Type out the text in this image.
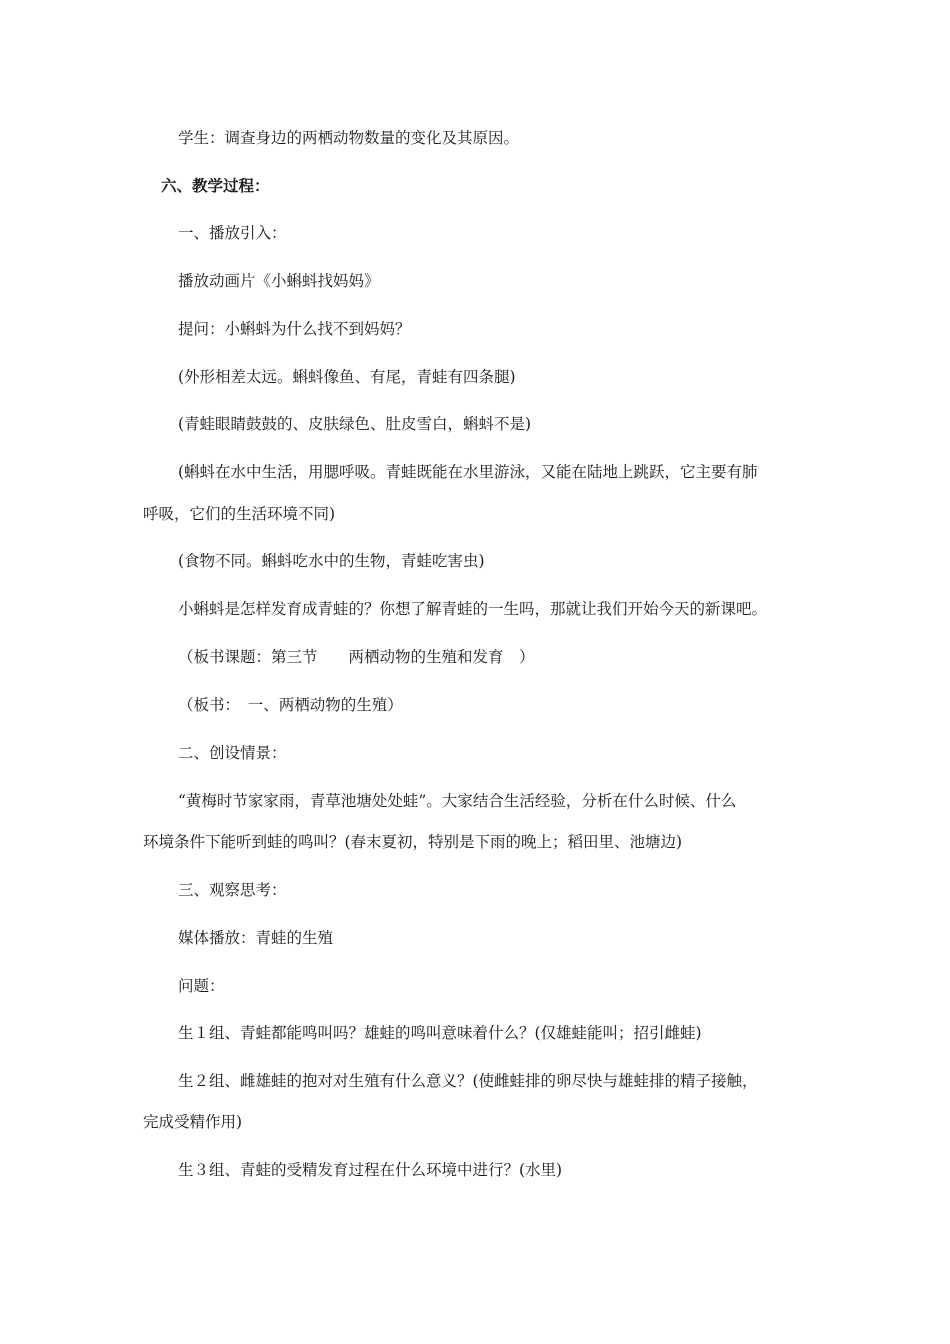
学生：调查身边的两栖动物数量的变化及其原因。
六、教学过程：
一、播放引入：
播放动画片《小蝌蚪找妈妈》
提问：小蝌蚪为什么找不到妈妈？
(外形相差太远。蝌蚪像鱼、有尾，青蛙有四条腿)
(青蛙眼睛鼓鼓的、皮肤绿色、肚皮雪白，蝌蚪不是)
(蝌蚪在水中生活，用腮呼吸。青蛙既能在水里游泳，又能在陆地上跳跃，它主要有肺
呼吸，它们的生活环境不同)
(食物不同。蝌蚪吃水中的生物，青蛙吃害虫)
小蝌蚪是怎样发育成青蛙的？你想了解青蛙的一生吗，那就让我们开始今天的新课吧。
（板书课题：第三节　　两栖动物的生殖和发育　）
（板书：　一、两栖动物的生殖）
二、创设情景：
“黄梅时节家家雨，青草池塘处处蛙”。大家结合生活经验，分析在什么时候、什么
环境条件下能听到蛙的鸣叫？(春末夏初，特别是下雨的晚上；稻田里、池塘边)
三、观察思考：
媒体播放：青蛙的生殖
问题：
生１组、青蛙都能鸣叫吗？雄蛙的鸣叫意味着什么？(仅雄蛙能叫；招引雌蛙)
生２组、雌雄蛙的抱对对生殖有什么意义？(使雌蛙排的卵尽快与雄蛙排的精子接触，
完成受精作用)
生３组、青蛙的受精发育过程在什么环境中进行？(水里)
